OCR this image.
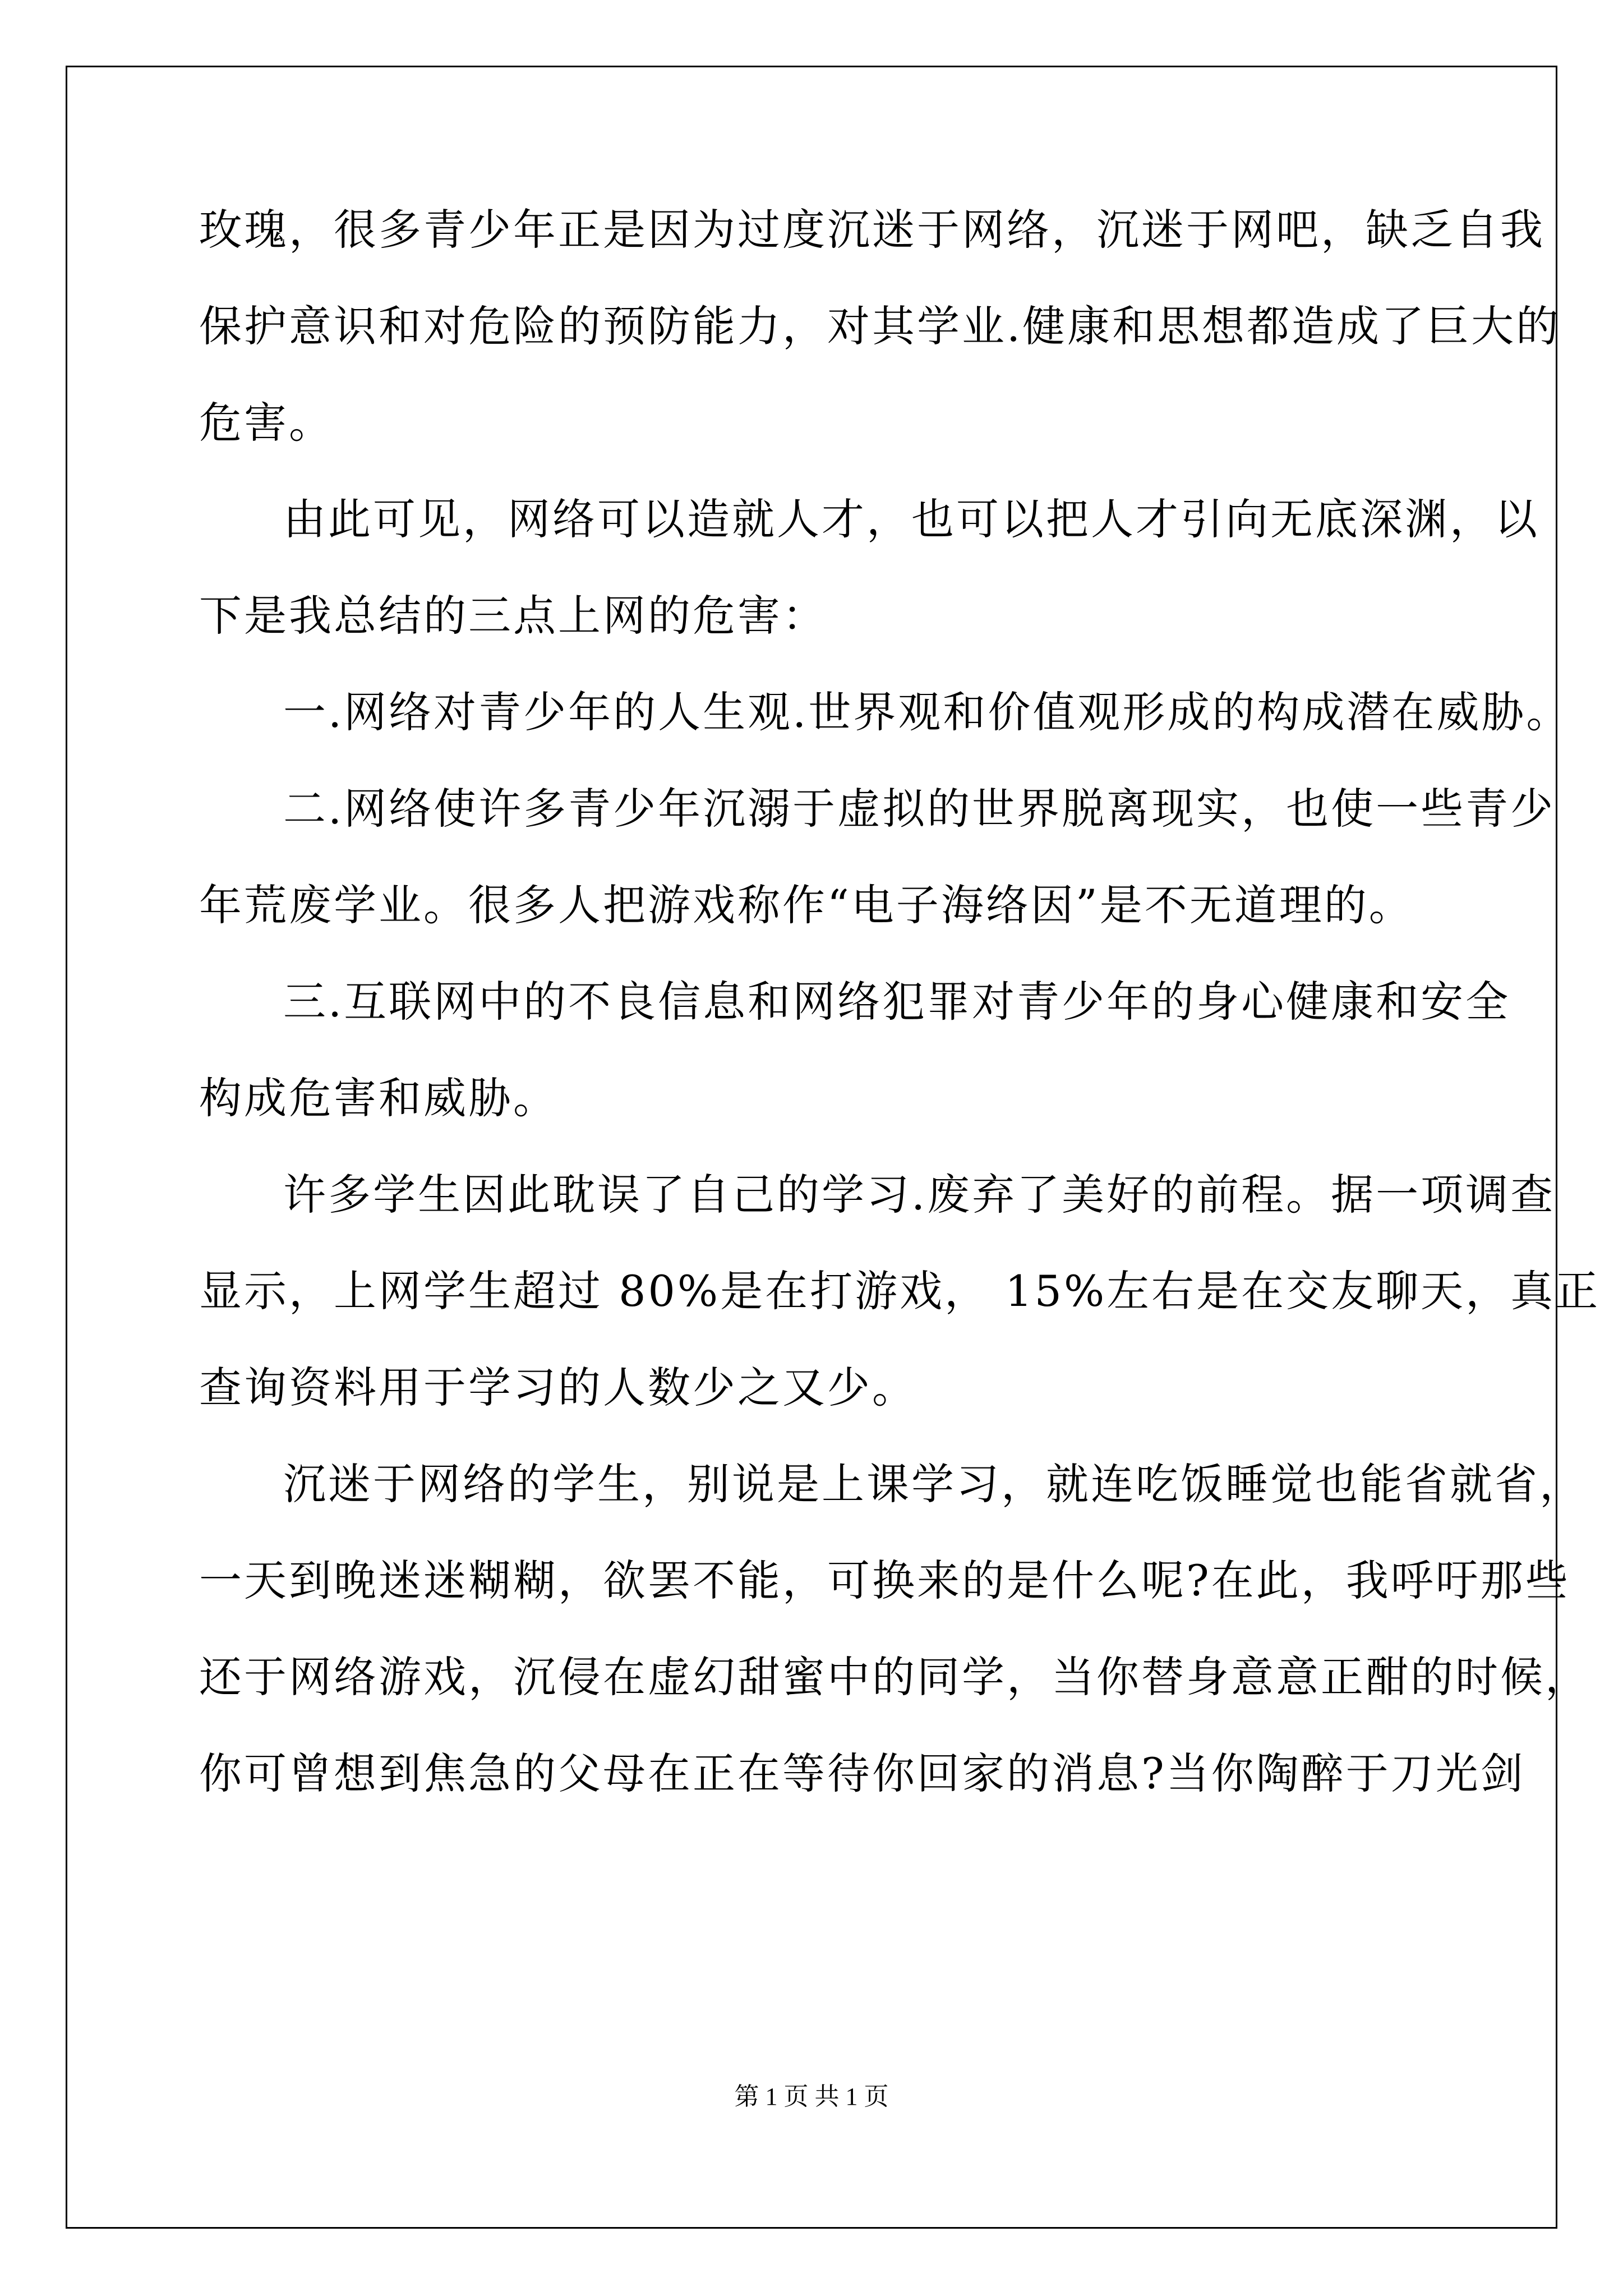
玫瑰，很多青少年正是因为过度沉迷于网络，沉迷于网吧，缺乏自我
保护意识和对危险的预防能力，对其学业.健康和思想都造成了巨大的
危害。
由此可见，网络可以造就人才，也可以把人才引向无底深渊，以
下是我总结的三点上网的危害：
一.网络对青少年的人生观.世界观和价值观形成的构成潜在威胁。
二.网络使许多青少年沉溺于虚拟的世界脱离现实，也使一些青少
年荒废学业。很多人把游戏称作“电子海络因”是不无道理的。
三.互联网中的不良信息和网络犯罪对青少年的身心健康和安全
构成危害和威胁。
许多学生因此耽误了自己的学习.废弃了美好的前程。据一项调查
显示，上网学生超过 80%是在打游戏， 15%左右是在交友聊天，真正
查询资料用于学习的人数少之又少。
沉迷于网络的学生，别说是上课学习，就连吃饭睡觉也能省就省，
一天到晚迷迷糊糊，欲罢不能，可换来的是什么呢?在此，我呼吁那些
还于网络游戏，沉侵在虚幻甜蜜中的同学，当你替身意意正酣的时候，
你可曾想到焦急的父母在正在等待你回家的消息?当你陶醉于刀光剑
第 1 页 共 1 页
